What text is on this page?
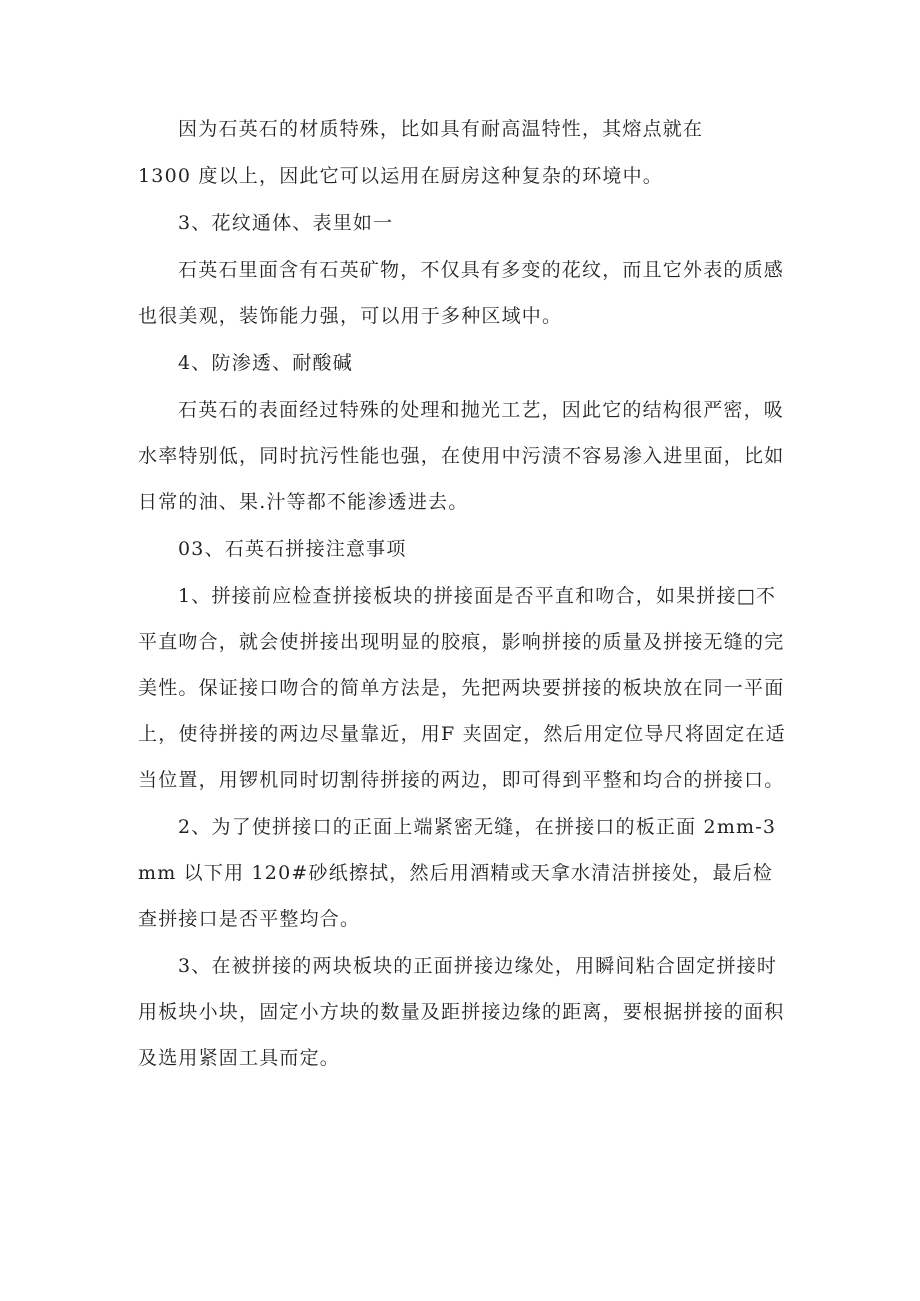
因为石英石的材质特殊，比如具有耐高温特性，其熔点就在

1300 度以上，因此它可以运用在厨房这种复杂的环境中。

3、花纹通体、表里如一

石英石里面含有石英矿物，不仅具有多变的花纹，而且它外表的质感也很美观，装饰能力强，可以用于多种区域中。

4、防渗透、耐酸碱

石英石的表面经过特殊的处理和抛光工艺，因此它的结构很严密，吸水率特别低，同时抗污性能也强，在使用中污渍不容易渗入进里面，比如日常的油、果.汁等都不能渗透进去。

03、石英石拼接注意事项

1、拼接前应检查拼接板块的拼接面是否平直和吻合，如果拼接□不平直吻合，就会使拼接出现明显的胶痕，影响拼接的质量及拼接无缝的完美性。保证接口吻合的简单方法是，先把两块要拼接的板块放在同一平面上，使待拼接的两边尽量靠近，用F 夹固定，然后用定位导尺将固定在适当位置，用锣机同时切割待拼接的两边，即可得到平整和均合的拼接口。

2、为了使拼接口的正面上端紧密无缝，在拼接口的板正面 2mm-3mm 以下用 120#砂纸擦拭，然后用酒精或天拿水清洁拼接处，最后检查拼接口是否平整均合。

3、在被拼接的两块板块的正面拼接边缘处，用瞬间粘合固定拼接时用板块小块，固定小方块的数量及距拼接边缘的距离，要根据拼接的面积及选用紧固工具而定。
